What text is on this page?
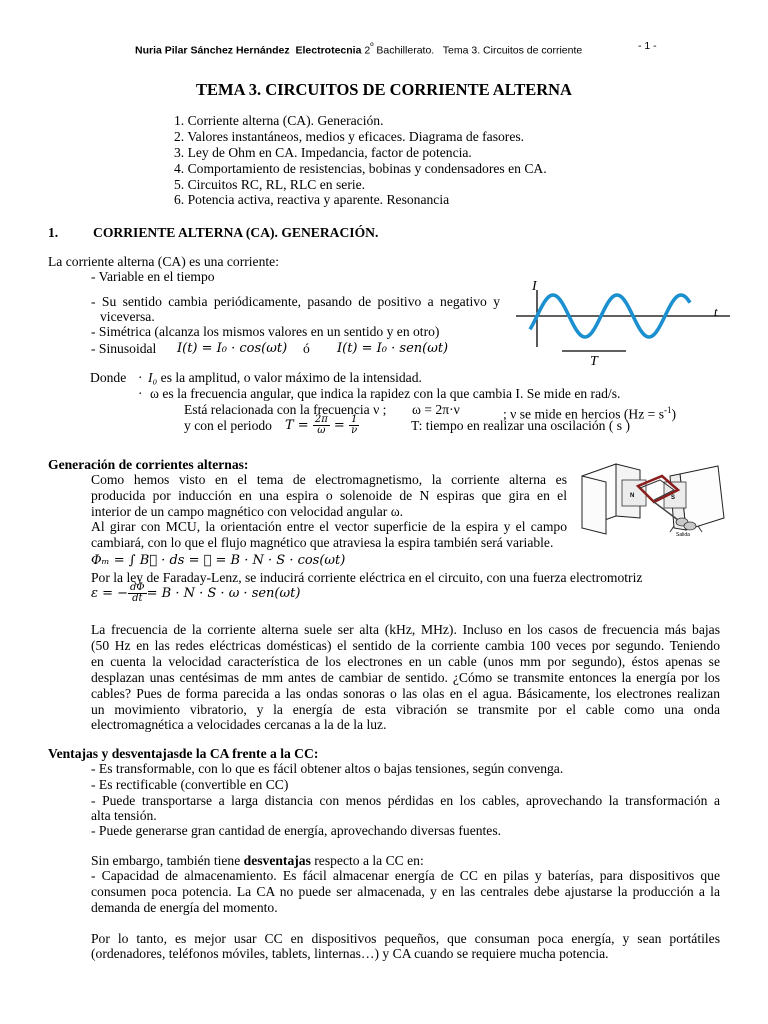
Nuria Pilar Sánchez Hernández Electrotecnia $2^º$ Bachillerato. Tema 3. Circuitos de corriente	- 1 -
TEMA 3. CIRCUITOS DE CORRIENTE ALTERNA
1. Corriente alterna (CA). Generación.
2. Valores instantáneos, medios y eficaces. Diagrama de fasores.
3. Ley de Ohm en CA. Impedancia, factor de potencia.
4. Comportamiento de resistencias, bobinas y condensadores en CA.
5. Circuitos RC, RL, RLC en serie.
6. Potencia activa, reactiva y aparente. Resonancia
1.	CORRIENTE ALTERNA (CA). GENERACIÓN.
La corriente alterna (CA) es una corriente:
- Variable en el tiempo
- Su sentido cambia periódicamente, pasando de positivo a negativo y
viceversa.
- Simétrica (alcanza los mismos valores en un sentido y en otro)
- Sinusoidal I(t) = I₀ · cos(ωt) ó I(t) = I₀ · sen(ωt)
I
t
T
Donde · I₀ es la amplitud, o valor máximo de la intensidad.
· ω es la frecuencia angular, que indica la rapidez con la que cambia I. Se mide en rad/s.
Está relacionada con la frecuencia ν ; ω = 2π·ν	; ν se mide en hercios $(Hz = s^{-1})$
y con el periodo $T = \frac{2\pi}{\omega} = \frac{1}{\nu}$	T: tiempo en realizar una oscilación ( s )
Generación de corrientes alternas:
Como hemos visto en el tema de electromagnetismo, la corriente alterna es
producida por inducción en una espira o solenoide de N espiras que gira en el
interior de un campo magnético con velocidad angular ω.
Al girar con MCU, la orientación entre el vector superficie de la espira y el campo
cambiará, con lo que el flujo magnético que atraviesa la espira también será variable.
Φₘ = ∫ B⃗ · ds = ⋯ = B · N · S · cos(ωt)
Por la ley de Faraday-Lenz, se inducirá corriente eléctrica en el circuito, con una fuerza electromotriz
ε = − $\frac{d\Phi}{dt} = B \cdot N \cdot S \cdot \omega \cdot sen(\omega t)$
N	S
Salida
La frecuencia de la corriente alterna suele ser alta (kHz, MHz). Incluso en los casos de frecuencia más bajas
(50 Hz en las redes eléctricas domésticas) el sentido de la corriente cambia 100 veces por segundo. Teniendo
en cuenta la velocidad característica de los electrones en un cable (unos mm por segundo), éstos apenas se
desplazan unas centésimas de mm antes de cambiar de sentido. ¿Cómo se transmite entonces la energía por los
cables? Pues de forma parecida a las ondas sonoras o las olas en el agua. Básicamente, los electrones realizan
un movimiento vibratorio, y la energía de esta vibración se transmite por el cable como una onda
electromagnética a velocidades cercanas a la de la luz.
Ventajas y desventajasde la CA frente a la CC:
- Es transformable, con lo que es fácil obtener altos o bajas tensiones, según convenga.
- Es rectificable (convertible en CC)
- Puede transportarse a larga distancia con menos pérdidas en los cables, aprovechando la transformación a
alta tensión.
- Puede generarse gran cantidad de energía, aprovechando diversas fuentes.
Sin embargo, también tiene desventajas respecto a la CC en:
- Capacidad de almacenamiento. Es fácil almacenar energía de CC en pilas y baterías, para dispositivos que
consumen poca potencia. La CA no puede ser almacenada, y en las centrales debe ajustarse la producción a la
demanda de energía del momento.
Por lo tanto, es mejor usar CC en dispositivos pequeños, que consuman poca energía, y sean portátiles
(ordenadores, teléfonos móviles, tablets, linternas…) y CA cuando se requiere mucha potencia.
